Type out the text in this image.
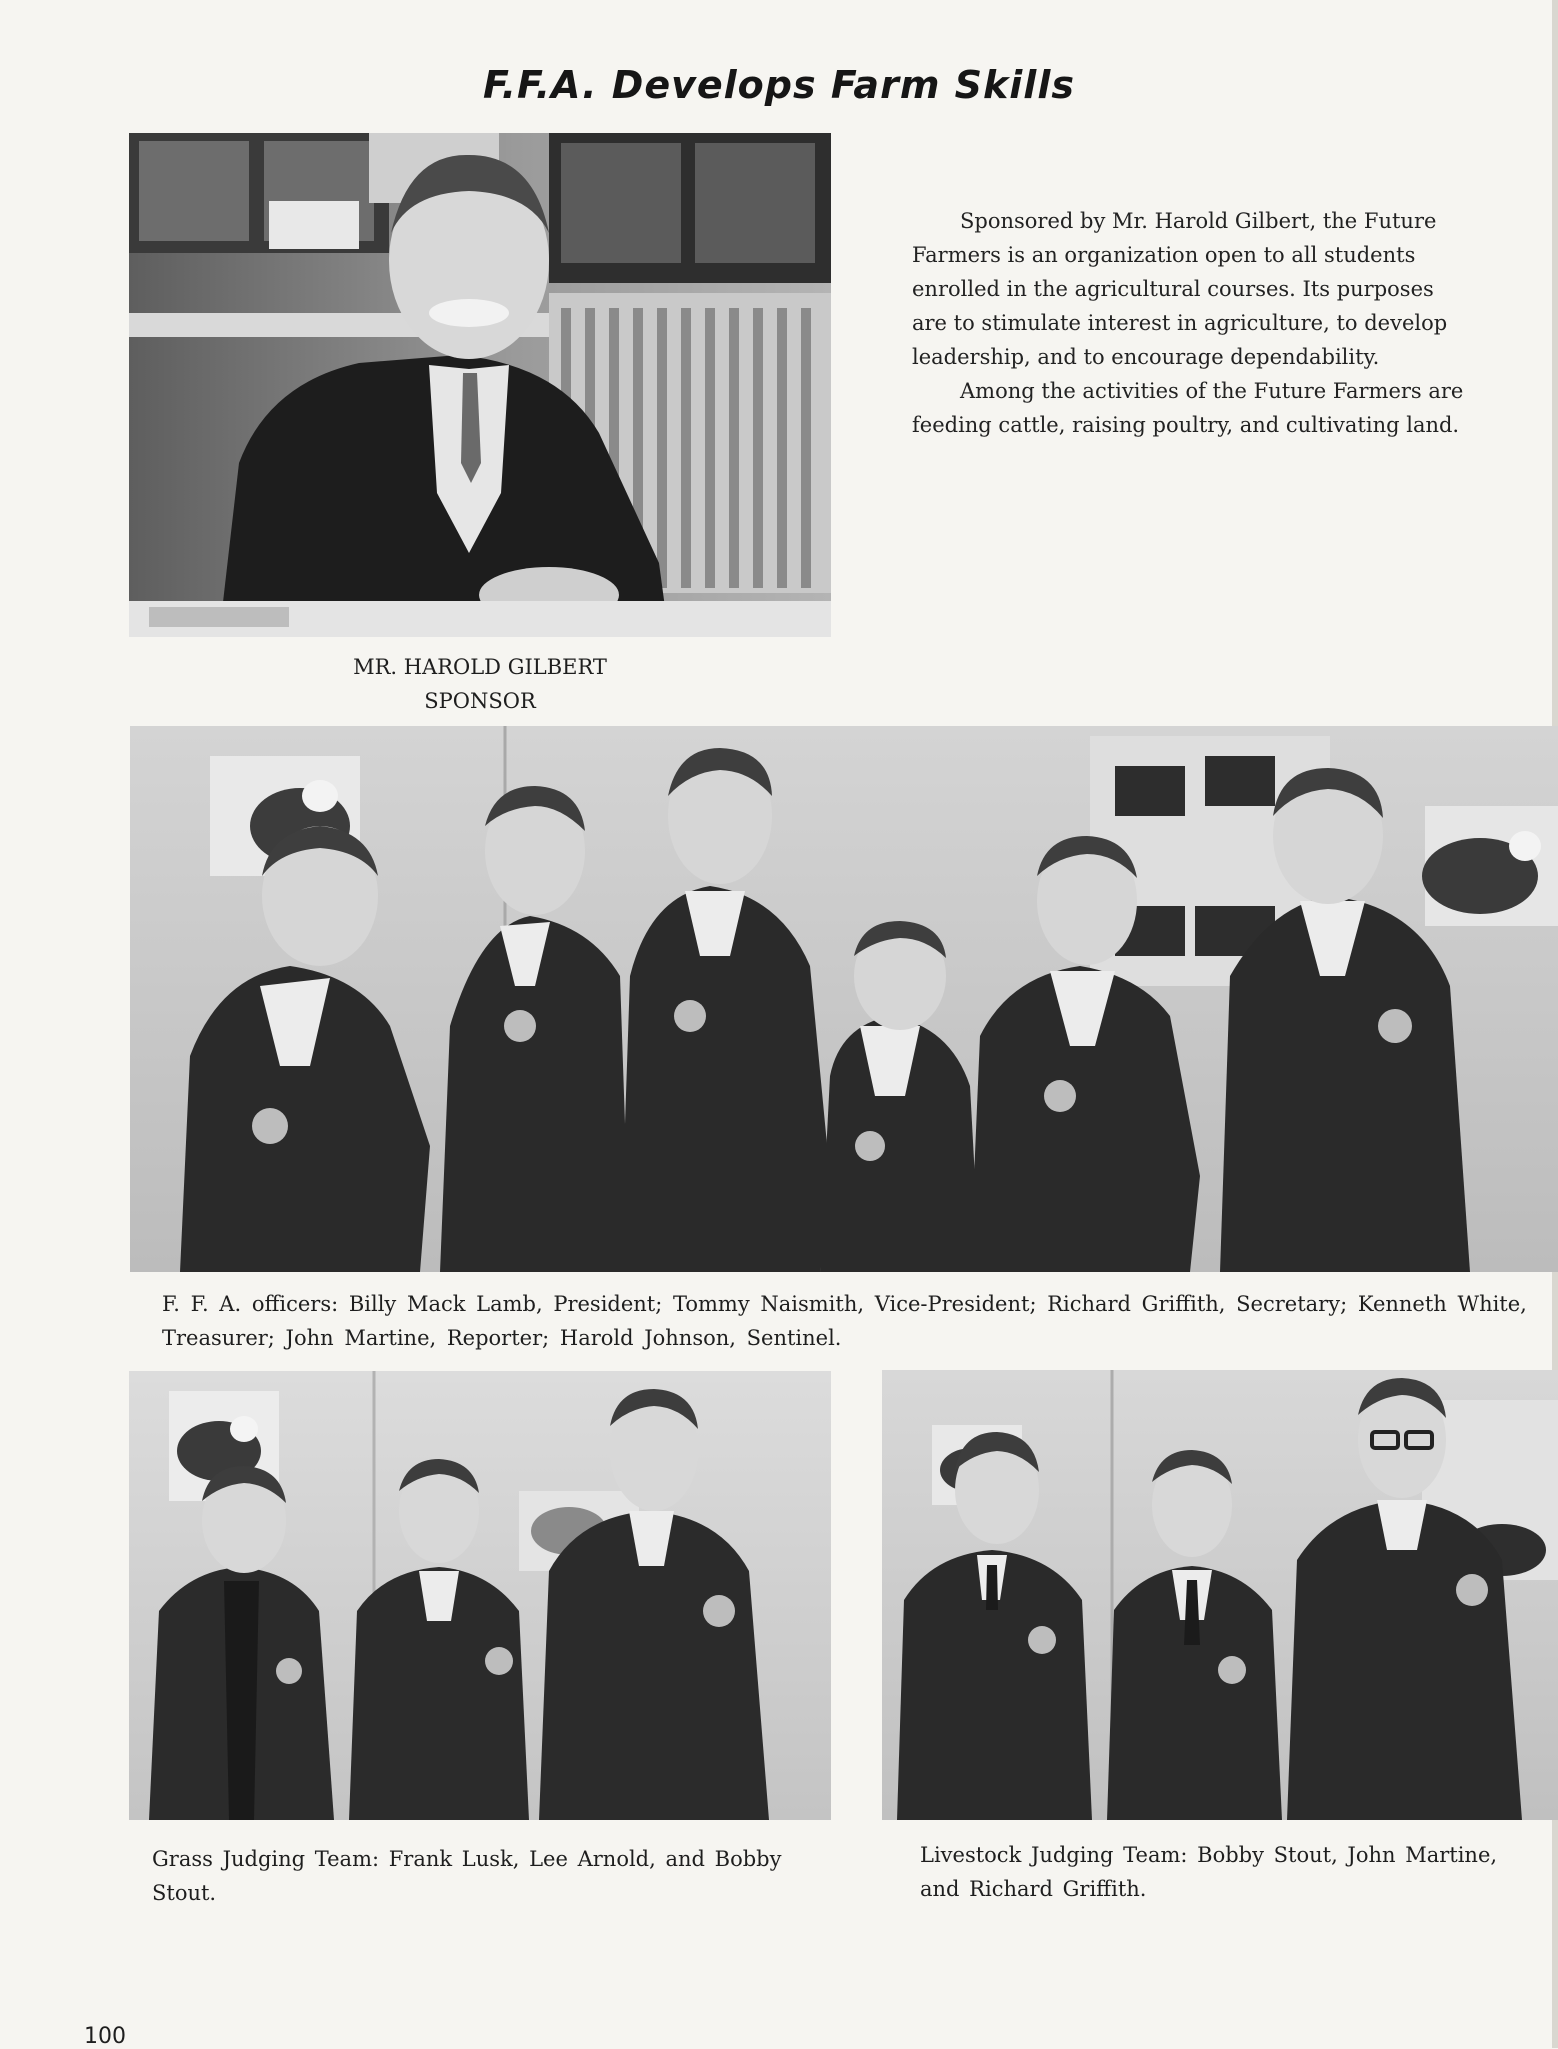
F.F.A. Develops Farm Skills

Sponsored by Mr. Harold Gilbert, the Future Farmers is an organization open to all students enrolled in the agricultural courses. Its purposes are to stimulate interest in agriculture, to develop leadership, and to encourage dependability.

Among the activities of the Future Farmers are feeding cattle, raising poultry, and cultivating land.

MR. HAROLD GILBERT
SPONSOR
F. F. A. officers: Billy Mack Lamb, President; Tommy Naismith, Vice-President; Richard Griffith, Secretary; Kenneth White, Treasurer; John Martine, Reporter; Harold Johnson, Sentinel.
Grass Judging Team: Frank Lusk, Lee Arnold, and Bobby Stout.
Livestock Judging Team: Bobby Stout, John Martine, and Richard Griffith.
100
